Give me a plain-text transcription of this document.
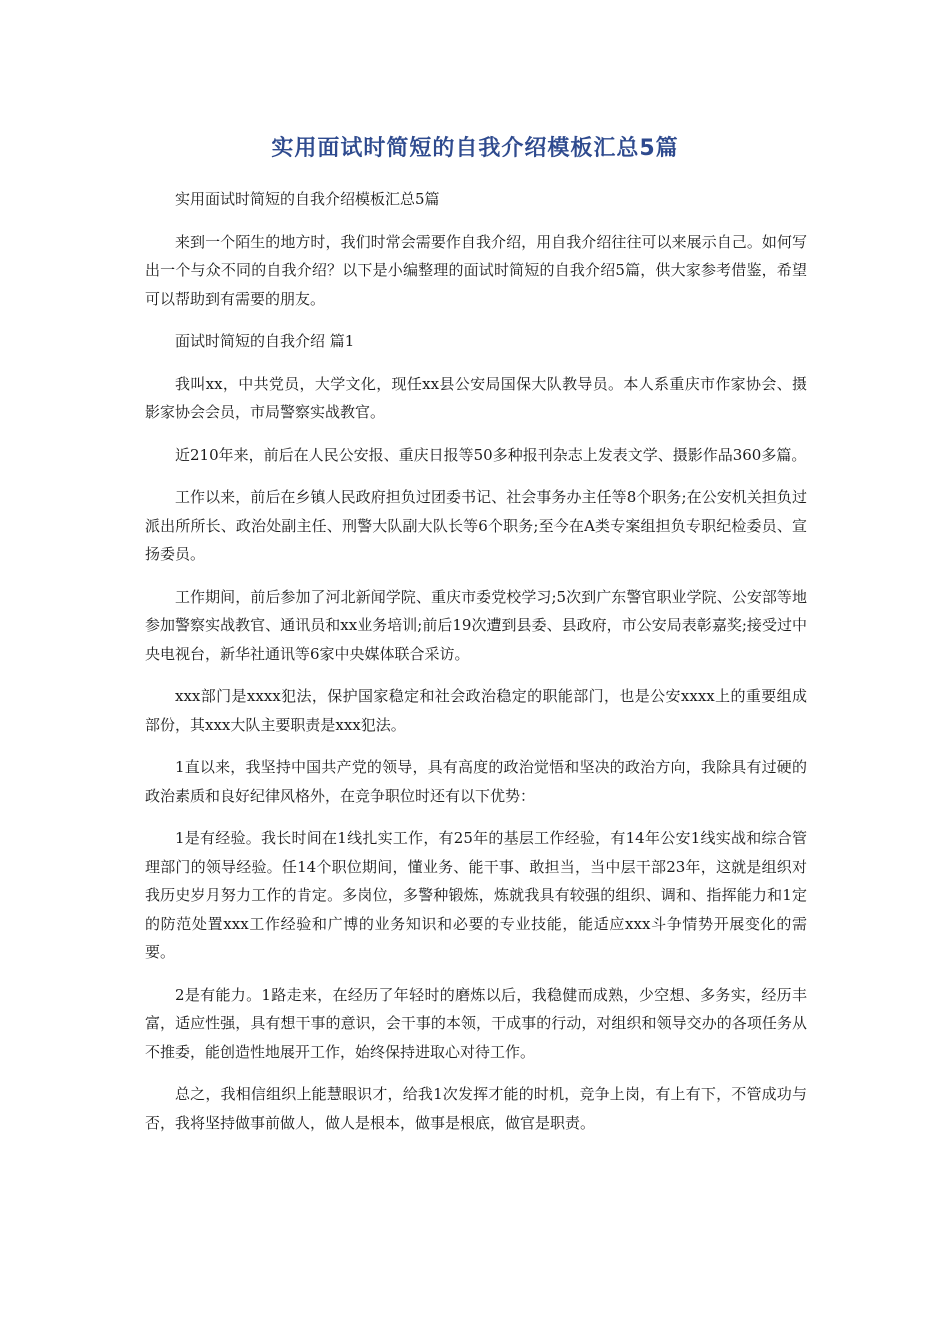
实用面试时简短的自我介绍模板汇总5篇

实用面试时简短的自我介绍模板汇总5篇

来到一个陌生的地方时，我们时常会需要作自我介绍，用自我介绍往往可以来展示自己。如何写出一个与众不同的自我介绍？以下是小编整理的面试时简短的自我介绍5篇，供大家参考借鉴，希望可以帮助到有需要的朋友。

面试时简短的自我介绍 篇1

我叫xx，中共党员，大学文化，现任xx县公安局国保大队教导员。本人系重庆市作家协会、摄影家协会会员，市局警察实战教官。

近210年来，前后在人民公安报、重庆日报等50多种报刊杂志上发表文学、摄影作品360多篇。

工作以来，前后在乡镇人民政府担负过团委书记、社会事务办主任等8个职务;在公安机关担负过派出所所长、政治处副主任、刑警大队副大队长等6个职务;至今在A类专案组担负专职纪检委员、宣扬委员。

工作期间，前后参加了河北新闻学院、重庆市委党校学习;5次到广东警官职业学院、公安部等地参加警察实战教官、通讯员和xx业务培训;前后19次遭到县委、县政府，市公安局表彰嘉奖;接受过中央电视台，新华社通讯等6家中央媒体联合采访。

xxx部门是xxxx犯法，保护国家稳定和社会政治稳定的职能部门，也是公安xxxx上的重要组成部份，其xxx大队主要职责是xxx犯法。

1直以来，我坚持中国共产党的领导，具有高度的政治觉悟和坚决的政治方向，我除具有过硬的政治素质和良好纪律风格外，在竞争职位时还有以下优势：

1是有经验。我长时间在1线扎实工作，有25年的基层工作经验，有14年公安1线实战和综合管理部门的领导经验。任14个职位期间，懂业务、能干事、敢担当，当中层干部23年，这就是组织对我历史岁月努力工作的肯定。多岗位，多警种锻炼，炼就我具有较强的组织、调和、指挥能力和1定的防范处置xxx工作经验和广博的业务知识和必要的专业技能，能适应xxx斗争情势开展变化的需要。

2是有能力。1路走来，在经历了年轻时的磨炼以后，我稳健而成熟，少空想、多务实，经历丰富，适应性强，具有想干事的意识，会干事的本领，干成事的行动，对组织和领导交办的各项任务从不推委，能创造性地展开工作，始终保持进取心对待工作。

总之，我相信组织上能慧眼识才，给我1次发挥才能的时机，竞争上岗，有上有下，不管成功与否，我将坚持做事前做人，做人是根本，做事是根底，做官是职责。
